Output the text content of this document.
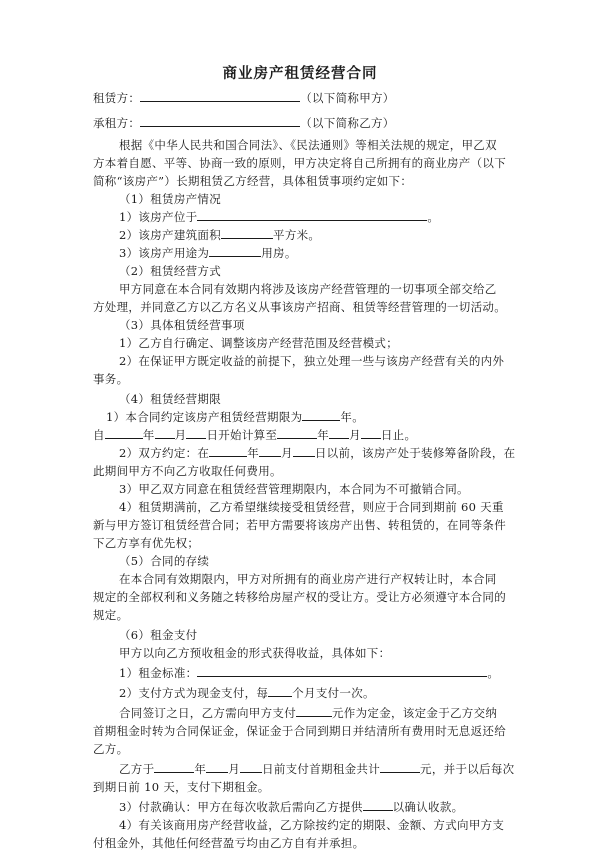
商业房产租赁经营合同
租赁方：	（以下简称甲方）
承租方：	（以下简称乙方）
根据《中华人民共和国合同法》、《民法通则》等相关法规的规定，甲乙双
方本着自愿、平等、协商一致的原则，甲方决定将自己所拥有的商业房产（以下
简称“该房产”）长期租赁乙方经营，具体租赁事项约定如下：
（1）租赁房产情况
1）该房产位于	。
2）该房产建筑面积	平方米。
3）该房产用途为	用房。
（2）租赁经营方式
甲方同意在本合同有效期内将涉及该房产经营管理的一切事项全部交给乙
方处理，并同意乙方以乙方名义从事该房产招商、租赁等经营管理的一切活动。
（3）具体租赁经营事项
1）乙方自行确定、调整该房产经营范围及经营模式；
2）在保证甲方既定收益的前提下，独立处理一些与该房产经营有关的内外
事务。
（4）租赁经营期限
1）本合同约定该房产租赁经营期限为	年。
自	年 月 日开始计算至	年 月 日止。
2）双方约定：在	年 月 日以前，该房产处于装修筹备阶段，在
此期间甲方不向乙方收取任何费用。
3）甲乙双方同意在租赁经营管理期限内，本合同为不可撤销合同。
4）租赁期满前，乙方希望继续接受租赁经营，则应于合同到期前 60 天重
新与甲方签订租赁经营合同；若甲方需要将该房产出售、转租赁的，在同等条件
下乙方享有优先权；
（5）合同的存续
在本合同有效期限内，甲方对所拥有的商业房产进行产权转让时，本合同
规定的全部权利和义务随之转移给房屋产权的受让方。受让方必须遵守本合同的
规定。
（6）租金支付
甲方以向乙方预收租金的形式获得收益，具体如下：
1）租金标准：	。
2）支付方式为现金支付，每 个月支付一次。
合同签订之日，乙方需向甲方支付	元作为定金，该定金于乙方交纳
首期租金时转为合同保证金，保证金于合同到期日并结清所有费用时无息返还给
乙方。
乙方于	年 月 日前支付首期租金共计	元，并于以后每次
到期日前 10 天，支付下期租金。
3）付款确认：甲方在每次收款后需向乙方提供	以确认收款。
4）有关该商用房产经营收益，乙方除按约定的期限、金额、方式向甲方支
付租金外，其他任何经营盈亏均由乙方自有并承担。
